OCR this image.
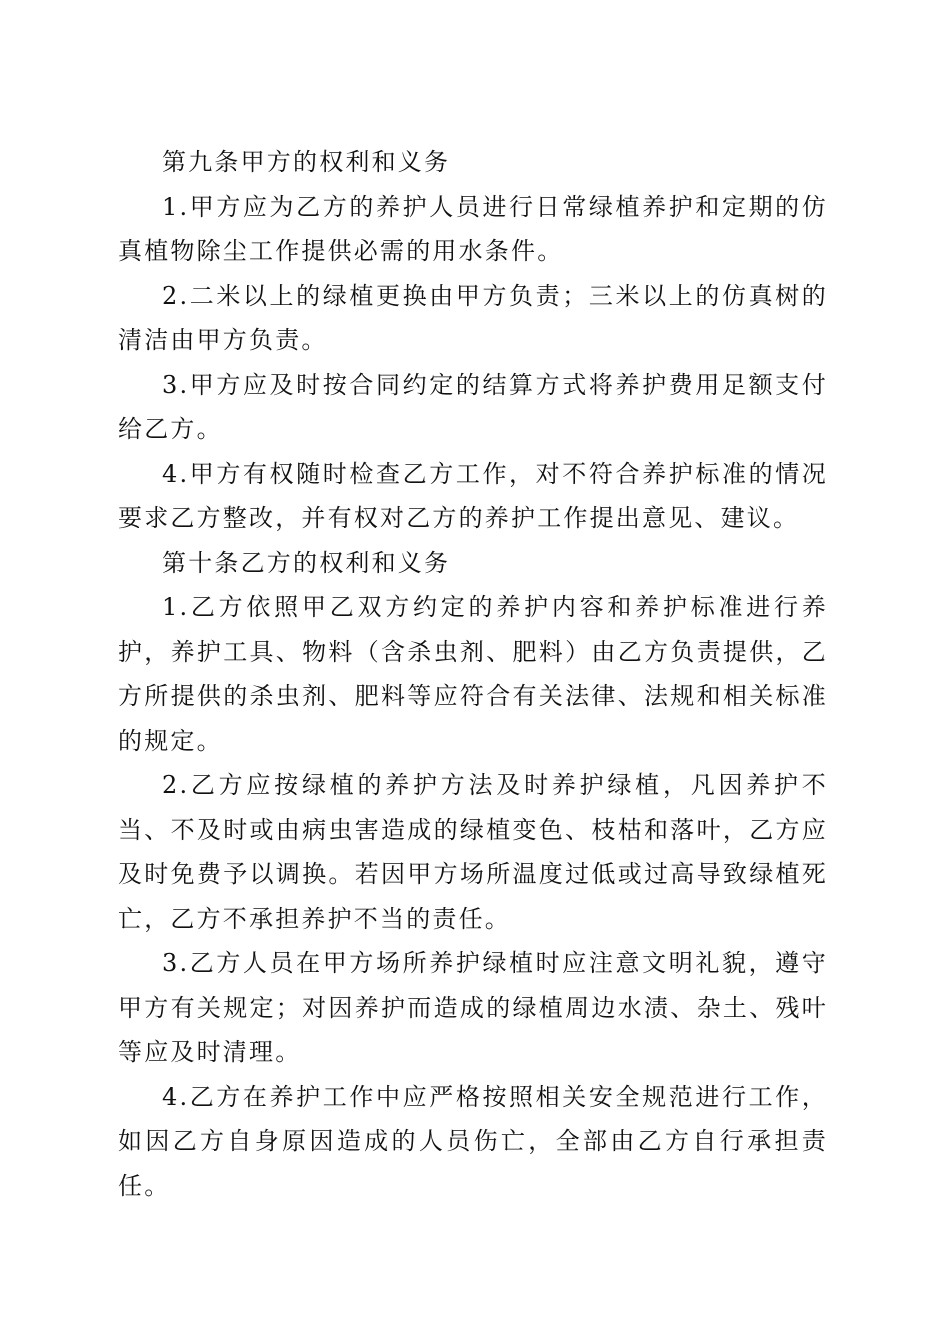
第九条甲方的权利和义务

1.甲方应为乙方的养护人员进行日常绿植养护和定期的仿真植物除尘工作提供必需的用水条件。

2.二米以上的绿植更换由甲方负责；三米以上的仿真树的清洁由甲方负责。

3.甲方应及时按合同约定的结算方式将养护费用足额支付给乙方。

4.甲方有权随时检查乙方工作，对不符合养护标准的情况要求乙方整改，并有权对乙方的养护工作提出意见、建议。

第十条乙方的权利和义务

1.乙方依照甲乙双方约定的养护内容和养护标准进行养护，养护工具、物料（含杀虫剂、肥料）由乙方负责提供，乙方所提供的杀虫剂、肥料等应符合有关法律、法规和相关标准的规定。

2.乙方应按绿植的养护方法及时养护绿植，凡因养护不当、不及时或由病虫害造成的绿植变色、枝枯和落叶，乙方应及时免费予以调换。若因甲方场所温度过低或过高导致绿植死亡，乙方不承担养护不当的责任。

3.乙方人员在甲方场所养护绿植时应注意文明礼貌，遵守甲方有关规定；对因养护而造成的绿植周边水渍、杂土、残叶等应及时清理。

4.乙方在养护工作中应严格按照相关安全规范进行工作，如因乙方自身原因造成的人员伤亡，全部由乙方自行承担责任。
